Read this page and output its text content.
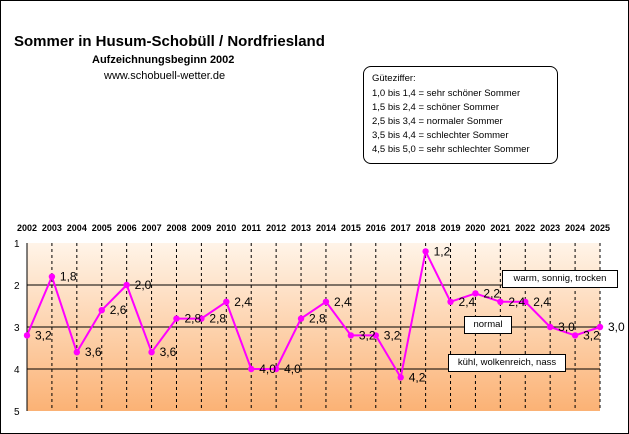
Sommer in Husum-Schobüll / Nordfriesland
Aufzeichnungsbeginn 2002
www.schobuell-wetter.de	Güteziffer:
1,0 bis 1,4 = sehr schöner Sommer
1,5 bis 2,4 = schöner Sommer
2,5 bis 3,4 = normaler Sommer
3,5 bis 4,4 = schlechter Sommer
4,5 bis 5,0 = sehr schlechter Sommer
1
2
3
4
5
2002 2003 2004 2005 2006 2007 2008 2009 2010 2011 2012 2013 2014 2015 2016 2017 2018 2019 2020 2021 2022 2023 2024 2025
3,2
1,8
3,6
2,6
2,0
3,6
2,8 2,8
2,4
4,0 4,0
2,8
2,4
3,2 3,2
4,2
1,2
2,4
2,2
2,4 2,4
3,0
3,2
3,0
warm, sonnig, trocken
normal
kühl, wolkenreich, nass
